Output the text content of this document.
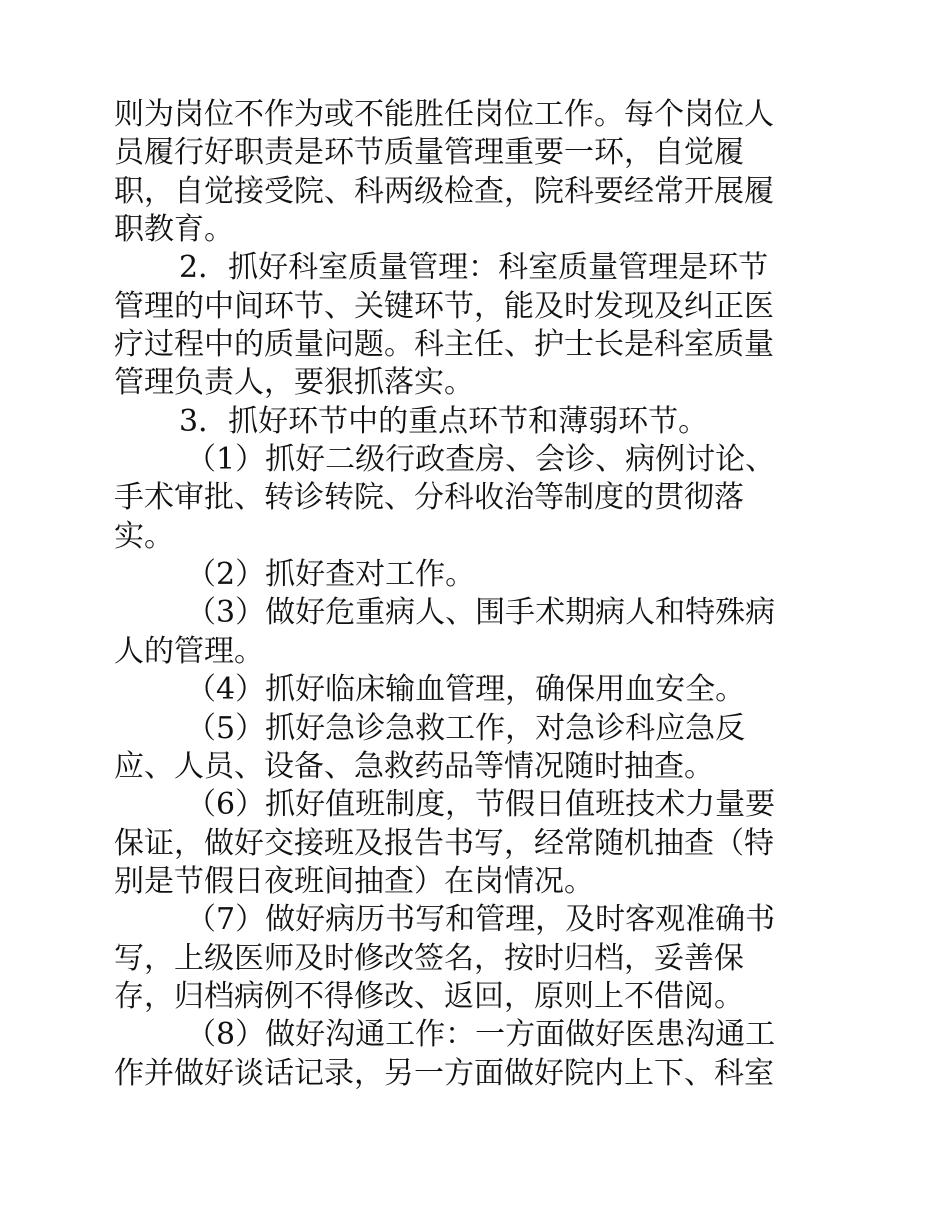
则为岗位不作为或不能胜任岗位工作。每个岗位人
员履行好职责是环节质量管理重要一环，自觉履
职，自觉接受院、科两级检查，院科要经常开展履
职教育。
2．抓好科室质量管理：科室质量管理是环节
管理的中间环节、关键环节，能及时发现及纠正医
疗过程中的质量问题。科主任、护士长是科室质量
管理负责人，要狠抓落实。
3．抓好环节中的重点环节和薄弱环节。
（1）抓好二级行政查房、会诊、病例讨论、
手术审批、转诊转院、分科收治等制度的贯彻落
实。
（2）抓好查对工作。
（3）做好危重病人、围手术期病人和特殊病
人的管理。
（4）抓好临床输血管理，确保用血安全。
（5）抓好急诊急救工作，对急诊科应急反
应、人员、设备、急救药品等情况随时抽查。
（6）抓好值班制度，节假日值班技术力量要
保证，做好交接班及报告书写，经常随机抽查（特
别是节假日夜班间抽查）在岗情况。
（7）做好病历书写和管理，及时客观准确书
写，上级医师及时修改签名，按时归档，妥善保
存，归档病例不得修改、返回，原则上不借阅。
（8）做好沟通工作：一方面做好医患沟通工
作并做好谈话记录，另一方面做好院内上下、科室
